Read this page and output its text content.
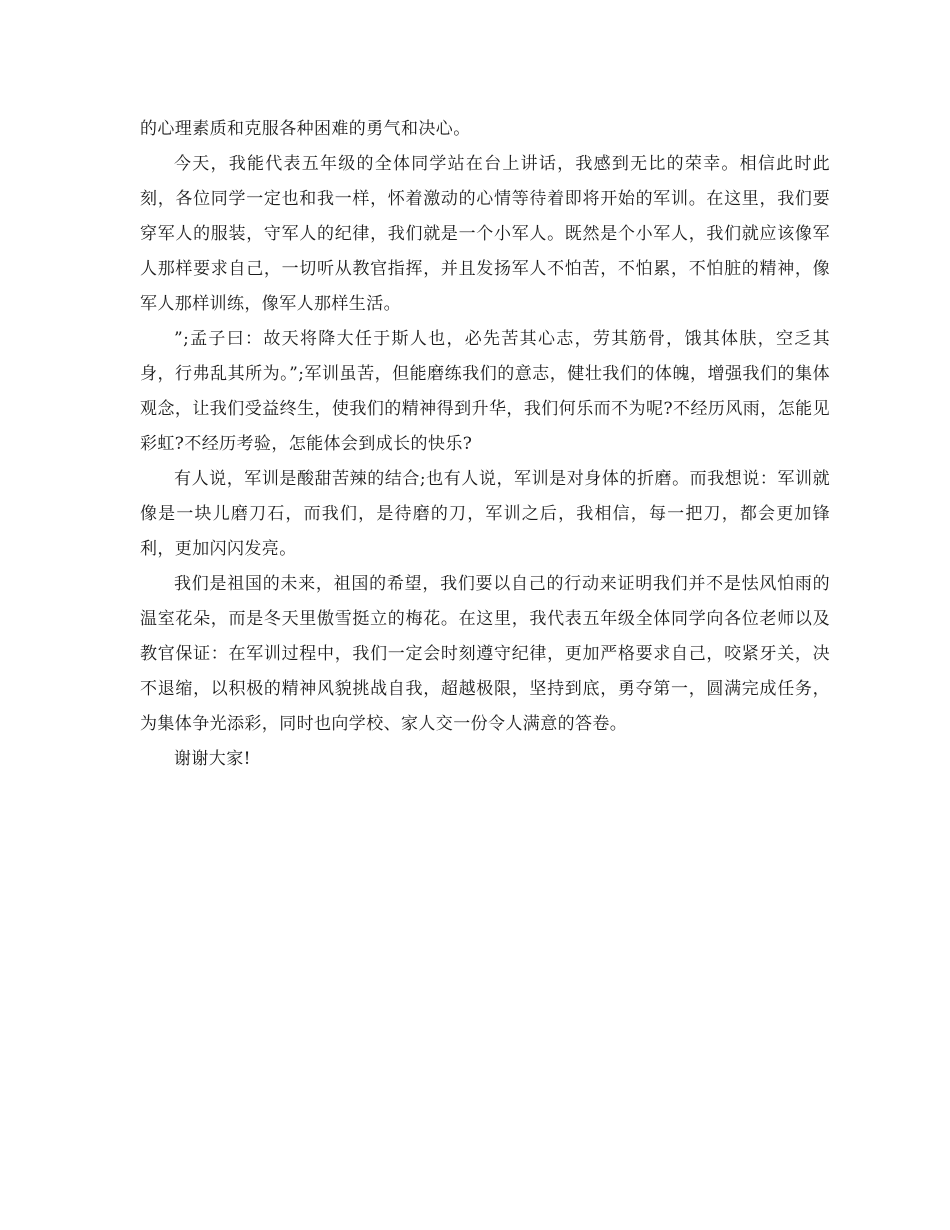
的心理素质和克服各种困难的勇气和决心。

今天，我能代表五年级的全体同学站在台上讲话，我感到无比的荣幸。相信此时此刻，各位同学一定也和我一样，怀着激动的心情等待着即将开始的军训。在这里，我们要穿军人的服装，守军人的纪律，我们就是一个小军人。既然是个小军人，我们就应该像军人那样要求自己，一切听从教官指挥，并且发扬军人不怕苦，不怕累，不怕脏的精神，像军人那样训练，像军人那样生活。

”;孟子曰：故天将降大任于斯人也，必先苦其心志，劳其筋骨，饿其体肤，空乏其身，行弗乱其所为。”;军训虽苦，但能磨练我们的意志，健壮我们的体魄，增强我们的集体观念，让我们受益终生，使我们的精神得到升华，我们何乐而不为呢?不经历风雨，怎能见彩虹?不经历考验，怎能体会到成长的快乐?

有人说，军训是酸甜苦辣的结合;也有人说，军训是对身体的折磨。而我想说：军训就像是一块儿磨刀石，而我们，是待磨的刀，军训之后，我相信，每一把刀，都会更加锋利，更加闪闪发亮。

我们是祖国的未来，祖国的希望，我们要以自己的行动来证明我们并不是怯风怕雨的温室花朵，而是冬天里傲雪挺立的梅花。在这里，我代表五年级全体同学向各位老师以及教官保证：在军训过程中，我们一定会时刻遵守纪律，更加严格要求自己，咬紧牙关，决不退缩，以积极的精神风貌挑战自我，超越极限，坚持到底，勇夺第一，圆满完成任务，为集体争光添彩，同时也向学校、家人交一份令人满意的答卷。

谢谢大家!
